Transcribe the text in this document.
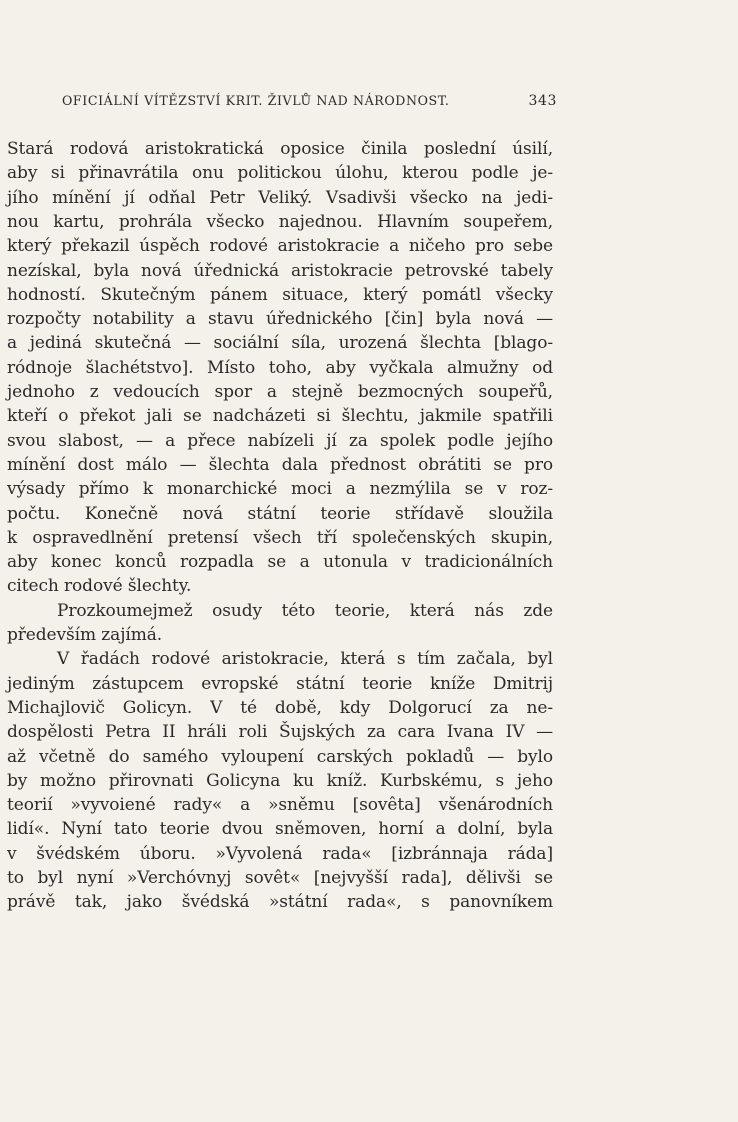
OFICIÁLNÍ VÍTĚZSTVÍ KRIT. ŽIVLŮ NAD NÁRODNOST.	343
Stará rodová aristokratická oposice činila poslední úsilí,
aby si přinavrátila onu politickou úlohu, kterou podle je-
jího mínění jí odňal Petr Veliký. Vsadivši všecko na jedi-
nou kartu, prohrála všecko najednou. Hlavním soupeřem,
který překazil úspěch rodové aristokracie a ničeho pro sebe
nezískal, byla nová úřednická aristokracie petrovské tabely
hodností. Skutečným pánem situace, který pomátl všecky
rozpočty notability a stavu úřednického [čin] byla nová —
a jediná skutečná — sociální síla, urozená šlechta [blago-
ródnoje šlachétstvo]. Místo toho, aby vyčkala almužny od
jednoho z vedoucích spor a stejně bezmocných soupeřů,
kteří o překot jali se nadcházeti si šlechtu, jakmile spatřili
svou slabost, — a přece nabízeli jí za spolek podle jejího
mínění dost málo — šlechta dala přednost obrátiti se pro
výsady přímo k monarchické moci a nezmýlila se v roz-
počtu. Konečně nová státní teorie střídavě sloužila
k ospravedlnění pretensí všech tří společenských skupin,
aby konec konců rozpadla se a utonula v tradicionálních
citech rodové šlechty.
Prozkoumejmež osudy této teorie, která nás zde
především zajímá.
V řadách rodové aristokracie, která s tím začala, byl
jediným zástupcem evropské státní teorie kníže Dmitrij
Michajlovič Golicyn. V té době, kdy Dolgorucí za ne-
dospělosti Petra II hráli roli Šujských za cara Ivana IV —
až včetně do samého vyloupení carských pokladů — bylo
by možno přirovnati Golicyna ku kníž. Kurbskému, s jeho
teorií »vyvoiené rady« a »sněmu [sovêta] všenárodních
lidí«. Nyní tato teorie dvou sněmoven, horní a dolní, byla
v švédském úboru. »Vyvolená rada« [izbránnaja ráda]
to byl nyní »Verchóvnyj sovêt« [nejvyšší rada], dělivši se
právě tak, jako švédská »státní rada«, s panovníkem
